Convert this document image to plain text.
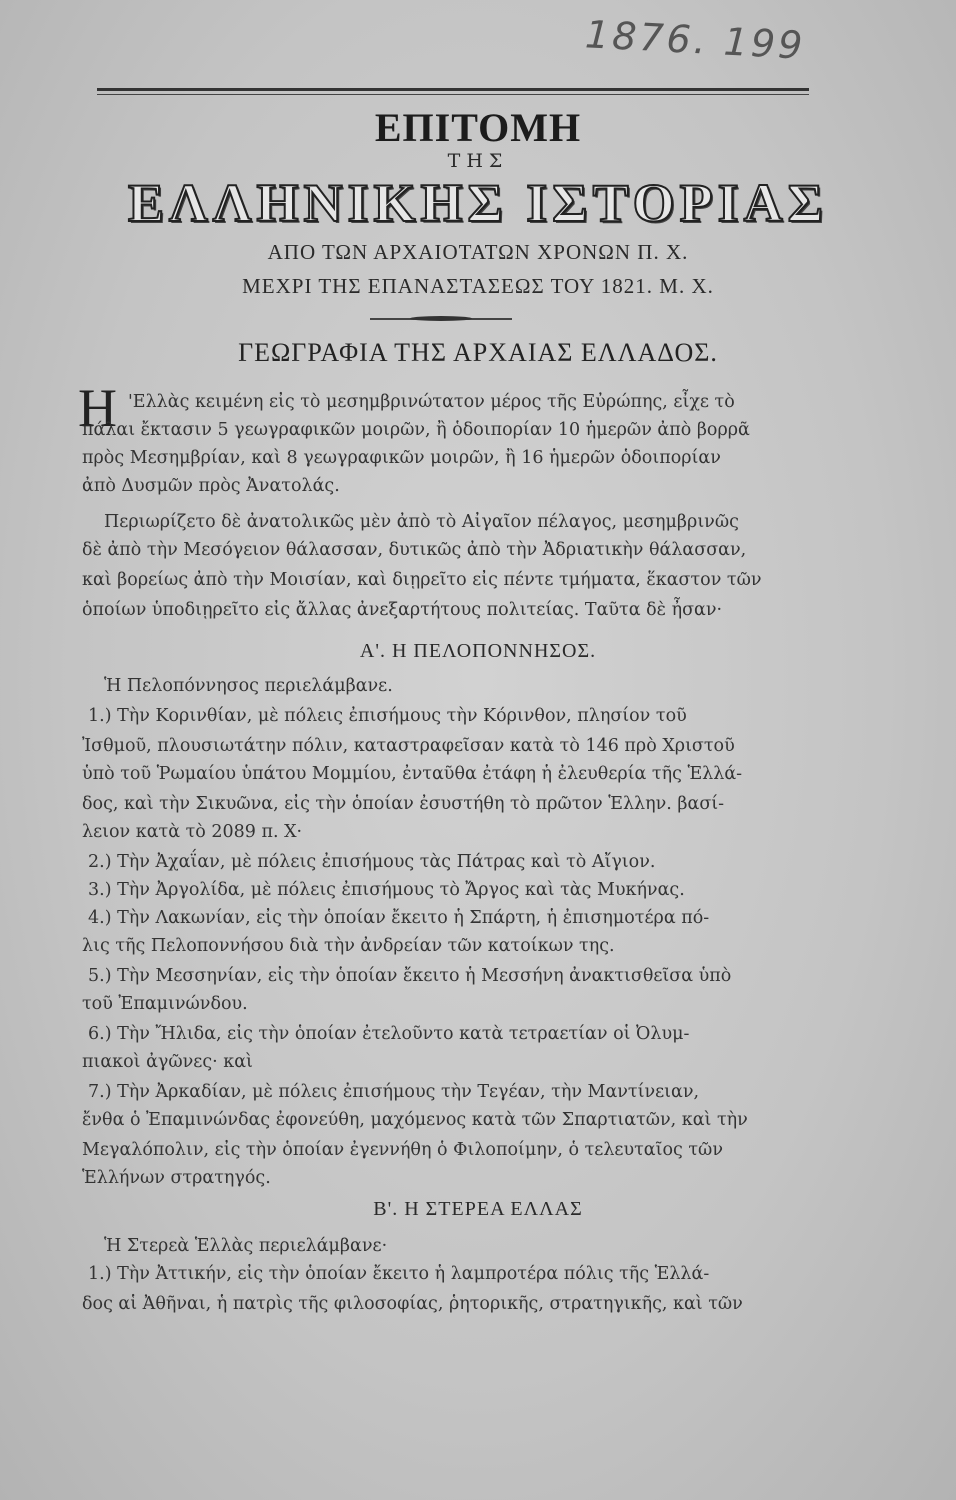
1876. 199
ΕΠΙΤΟΜΗ
ΤΗΣ
ΕΛΛΗΝΙΚΗΣ ΙΣΤΟΡΙΑΣ
ΑΠΟ ΤΩΝ ΑΡΧΑΙΟΤΑΤΩΝ ΧΡΟΝΩΝ Π. Χ.
ΜΕΧΡΙ ΤΗΣ ΕΠΑΝΑΣΤΑΣΕΩΣ ΤΟΥ 1821. Μ. Χ.
ΓΕΩΓΡΑΦΙΑ ΤΗΣ ΑΡΧΑΙΑΣ ΕΛΛΑΔΟΣ.
Η 'Ελλὰς κειμένη εἰς τὸ μεσημβρινώτατον μέρος τῆς Εὐρώπης, εἶχε τὸ
πάλαι ἔκτασιν 5 γεωγραφικῶν μοιρῶν, ἢ ὁδοιπορίαν 10 ἡμερῶν ἀπὸ βορρᾶ
πρὸς Μεσημβρίαν, καὶ 8 γεωγραφικῶν μοιρῶν, ἢ 16 ἡμερῶν ὁδοιπορίαν
ἀπὸ Δυσμῶν πρὸς Ἀνατολάς.
Περιωρίζετο δὲ ἀνατολικῶς μὲν ἀπὸ τὸ Αἰγαῖον πέλαγος, μεσημβρινῶς
δὲ ἀπὸ τὴν Μεσόγειον θάλασσαν, δυτικῶς ἀπὸ τὴν Ἀδριατικὴν θάλασσαν,
καὶ βορείως ἀπὸ τὴν Μοισίαν, καὶ διῃρεῖτο εἰς πέντε τμήματα, ἕκαστον τῶν
ὁποίων ὑποδιῃρεῖτο εἰς ἄλλας ἀνεξαρτήτους πολιτείας. Ταῦτα δὲ ἦσαν·
Α'. Η ΠΕΛΟΠΟΝΝΗΣΟΣ.
Ἡ Πελοπόννησος περιελάμβανε.
1.) Τὴν Κορινθίαν, μὲ πόλεις ἐπισήμους τὴν Κόρινθον, πλησίον τοῦ
Ἰσθμοῦ, πλουσιωτάτην πόλιν, καταστραφεῖσαν κατὰ τὸ 146 πρὸ Χριστοῦ
ὑπὸ τοῦ Ῥωμαίου ὑπάτου Μομμίου, ἐνταῦθα ἐτάφη ἡ ἐλευθερία τῆς Ἑλλά-
δος, καὶ τὴν Σικυῶνα, εἰς τὴν ὁποίαν ἐσυστήθη τὸ πρῶτον Ἑλλην. βασί-
λειον κατὰ τὸ 2089 π. Χ·
2.) Τὴν Ἀχαΐαν, μὲ πόλεις ἐπισήμους τὰς Πάτρας καὶ τὸ Αἴγιον.
3.) Τὴν Ἀργολίδα, μὲ πόλεις ἐπισήμους τὸ Ἄργος καὶ τὰς Μυκήνας.
4.) Τὴν Λακωνίαν, εἰς τὴν ὁποίαν ἔκειτο ἡ Σπάρτη, ἡ ἐπισημοτέρα πό-
λις τῆς Πελοποννήσου διὰ τὴν ἀνδρείαν τῶν κατοίκων της.
5.) Τὴν Μεσσηνίαν, εἰς τὴν ὁποίαν ἔκειτο ἡ Μεσσήνη ἀνακτισθεῖσα ὑπὸ
τοῦ Ἐπαμινώνδου.
6.) Τὴν Ἤλιδα, εἰς τὴν ὁποίαν ἐτελοῦντο κατὰ τετραετίαν οἱ Ὀλυμ-
πιακοὶ ἀγῶνες· καὶ
7.) Τὴν Ἀρκαδίαν, μὲ πόλεις ἐπισήμους τὴν Τεγέαν, τὴν Μαντίνειαν,
ἔνθα ὁ Ἐπαμινώνδας ἐφονεύθη, μαχόμενος κατὰ τῶν Σπαρτιατῶν, καὶ τὴν
Μεγαλόπολιν, εἰς τὴν ὁποίαν ἐγεννήθη ὁ Φιλοποίμην, ὁ τελευταῖος τῶν
Ἑλλήνων στρατηγός.
Β'. Η ΣΤΕΡΕΑ ΕΛΛΑΣ
Ἡ Στερεὰ Ἑλλὰς περιελάμβανε·
1.) Τὴν Ἀττικήν, εἰς τὴν ὁποίαν ἔκειτο ἡ λαμπροτέρα πόλις τῆς Ἑλλά-
δος αἱ Ἀθῆναι, ἡ πατρὶς τῆς φιλοσοφίας, ῥητορικῆς, στρατηγικῆς, καὶ τῶν
